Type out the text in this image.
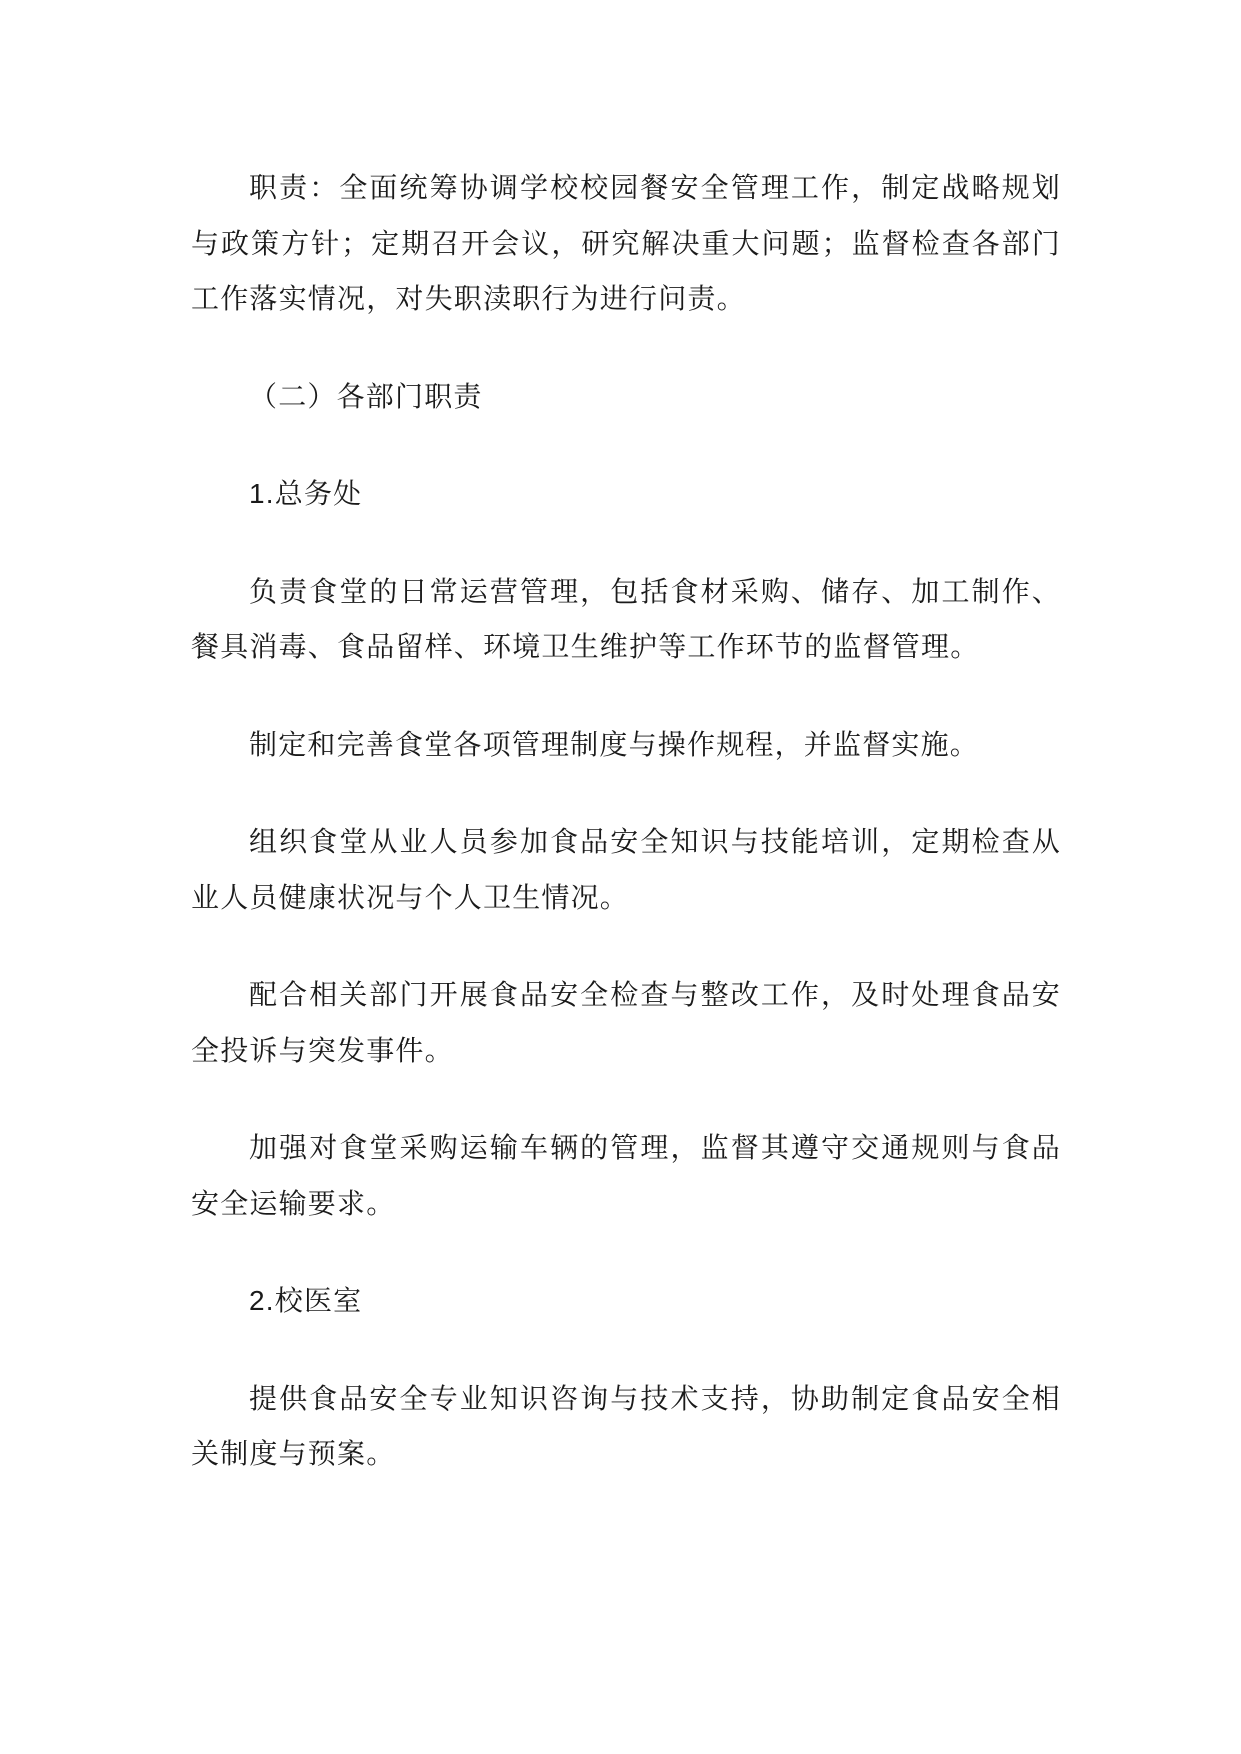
职责：全面统筹协调学校校园餐安全管理工作，制定战略规划与政策方针；定期召开会议，研究解决重大问题；监督检查各部门工作落实情况，对失职渎职行为进行问责。

（二）各部门职责

1.总务处

负责食堂的日常运营管理，包括食材采购、储存、加工制作、餐具消毒、食品留样、环境卫生维护等工作环节的监督管理。

制定和完善食堂各项管理制度与操作规程，并监督实施。

组织食堂从业人员参加食品安全知识与技能培训，定期检查从业人员健康状况与个人卫生情况。

配合相关部门开展食品安全检查与整改工作，及时处理食品安全投诉与突发事件。

加强对食堂采购运输车辆的管理，监督其遵守交通规则与食品安全运输要求。

2.校医室

提供食品安全专业知识咨询与技术支持，协助制定食品安全相关制度与预案。
